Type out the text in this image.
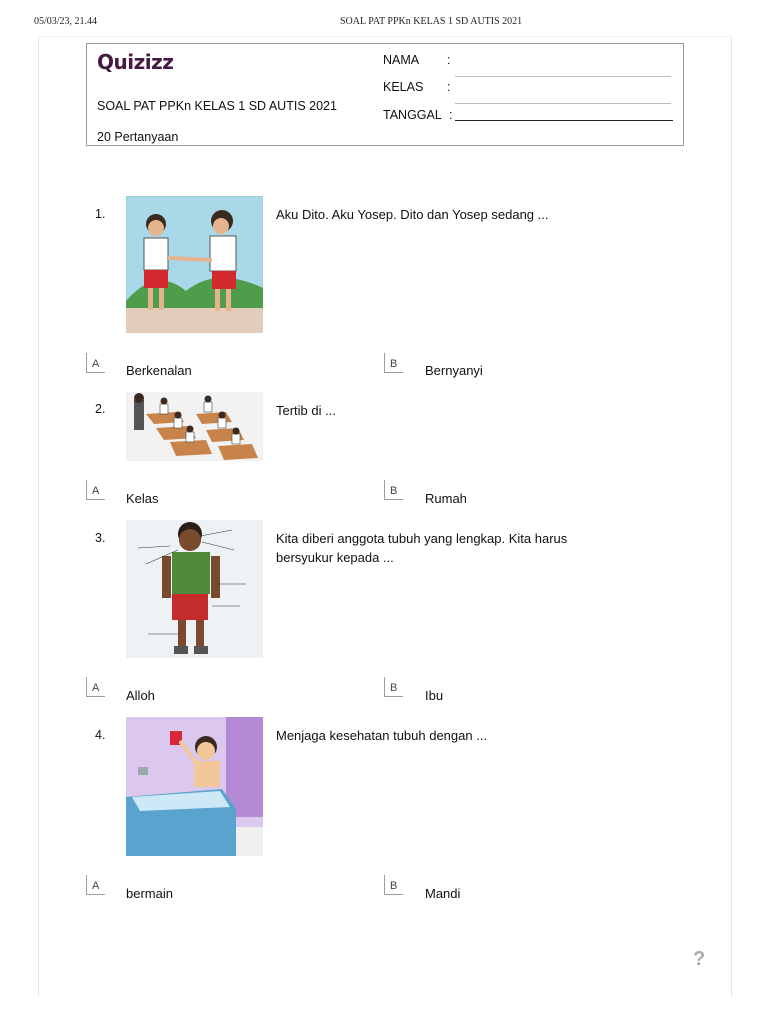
05/03/23, 21.44	SOAL PAT PPKn KELAS 1 SD AUTIS 2021
Quizizz
SOAL PAT PPKn KELAS 1 SD AUTIS 2021
20 Pertanyaan
NAMA :
KELAS :
TANGGAL :
1.	Aku Dito. Aku Yosep. Dito dan Yosep sedang ...
A Berkenalan	B Bernyanyi
2.	Tertib di ...
A Kelas	B Rumah
3.	Kita diberi anggota tubuh yang lengkap. Kita harus bersyukur kepada ...
A Alloh	B Ibu
4.	Menjaga kesehatan tubuh dengan ...
A bermain	B Mandi
?
